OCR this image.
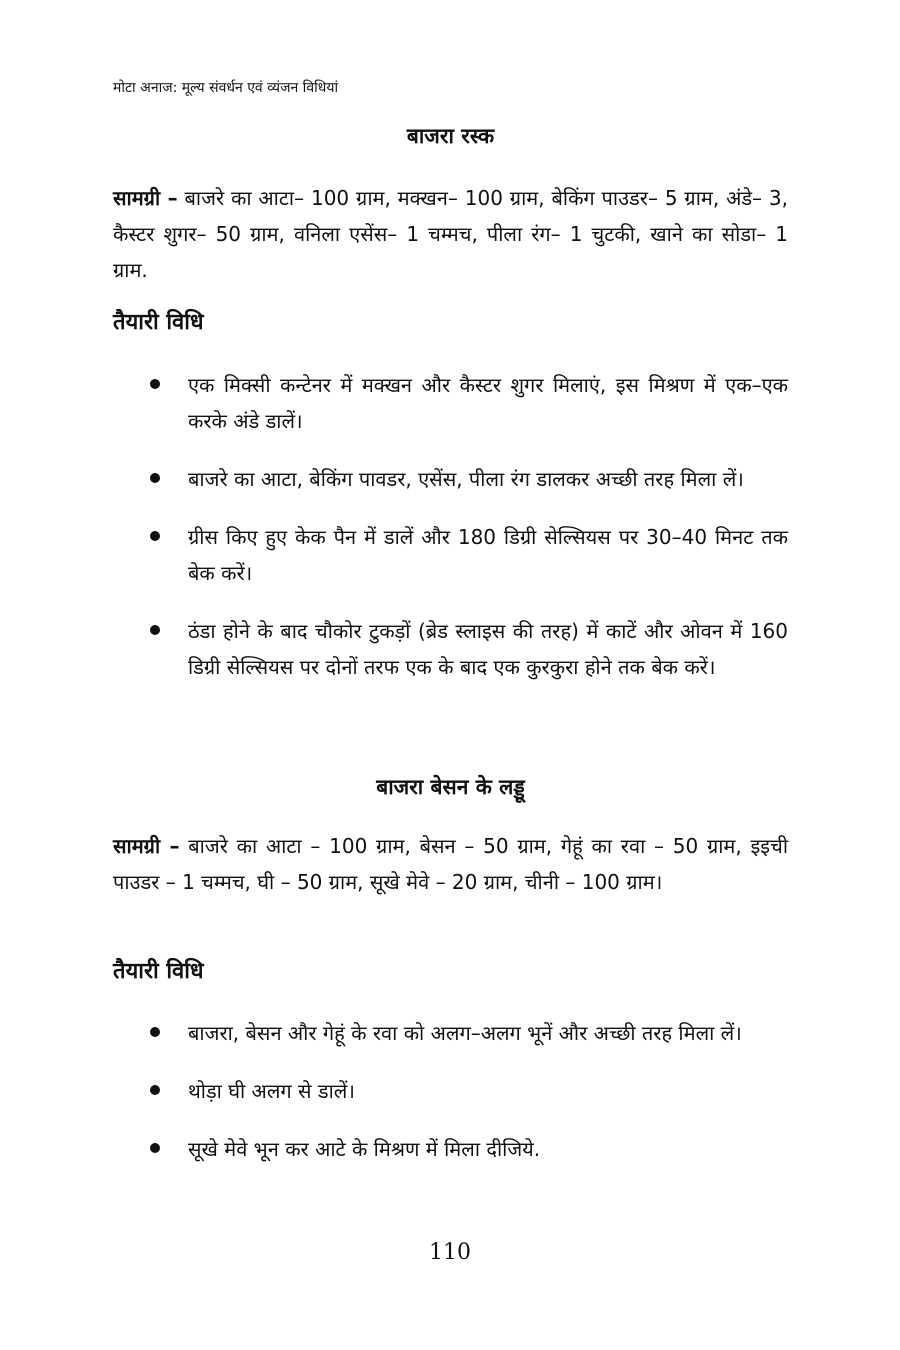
मोटा अनाज: मूल्य संवर्धन एवं व्यंजन विधियां
बाजरा रस्क

सामग्री – बाजरे का आटा– 100 ग्राम, मक्खन– 100 ग्राम, बेकिंग पाउडर– 5 ग्राम, अंडे– 3, कैस्टर शुगर– 50 ग्राम, वनिला एसेंस– 1 चम्मच, पीला रंग– 1 चुटकी, खाने का सोडा– 1 ग्राम.

तैयारी विधि
एक मिक्सी कन्टेनर में मक्खन और कैस्टर शुगर मिलाएं, इस मिश्रण में एक–एक करके अंडे डालें।
बाजरे का आटा, बेकिंग पावडर, एसेंस, पीला रंग डालकर अच्छी तरह मिला लें।
ग्रीस किए हुए केक पैन में डालें और 180 डिग्री सेल्सियस पर 30–40 मिनट तक बेक करें।
ठंडा होने के बाद चौकोर टुकड़ों (ब्रेड स्लाइस की तरह) में काटें और ओवन में 160 डिग्री सेल्सियस पर दोनों तरफ एक के बाद एक कुरकुरा होने तक बेक करें।
बाजरा बेसन के लड्डू

सामग्री – बाजरे का आटा – 100 ग्राम, बेसन – 50 ग्राम, गेहूं का रवा – 50 ग्राम, इइची पाउडर – 1 चम्मच, घी – 50 ग्राम, सूखे मेवे – 20 ग्राम, चीनी – 100 ग्राम।

तैयारी विधि
बाजरा, बेसन और गेहूं के रवा को अलग–अलग भूनें और अच्छी तरह मिला लें।
थोड़ा घी अलग से डालें।
सूखे मेवे भून कर आटे के मिश्रण में मिला दीजिये.
110
